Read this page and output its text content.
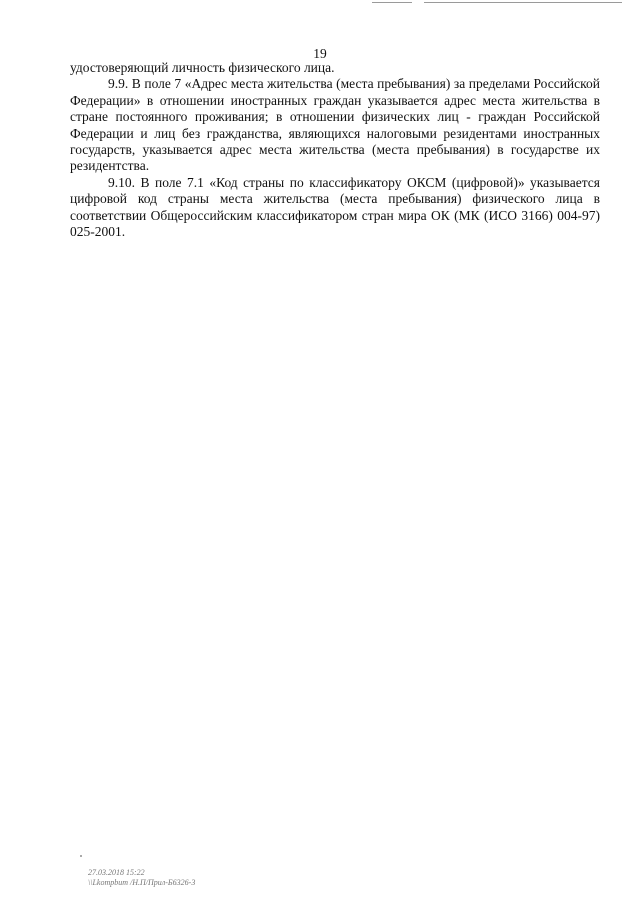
19

удостоверяющий личность физического лица.

9.9. В поле 7 «Адрес места жительства (места пребывания) за пределами Российской Федерации» в отношении иностранных граждан указывается адрес места жительства в стране постоянного проживания; в отношении физических лиц - граждан Российской Федерации и лиц без гражданства, являющихся налоговыми резидентами иностранных государств, указывается адрес места жительства (места пребывания) в государстве их резидентства.

9.10. В поле 7.1 «Код страны по классификатору ОКСМ (цифровой)» указывается цифровой код страны места жительства (места пребывания) физического лица в соответствии Общероссийским классификатором стран мира ОК (МК (ИСО 3166) 004-97) 025-2001.

27.03.2018 15:22
\\Lkompbum /Н.П/Прил-Б6326-3
